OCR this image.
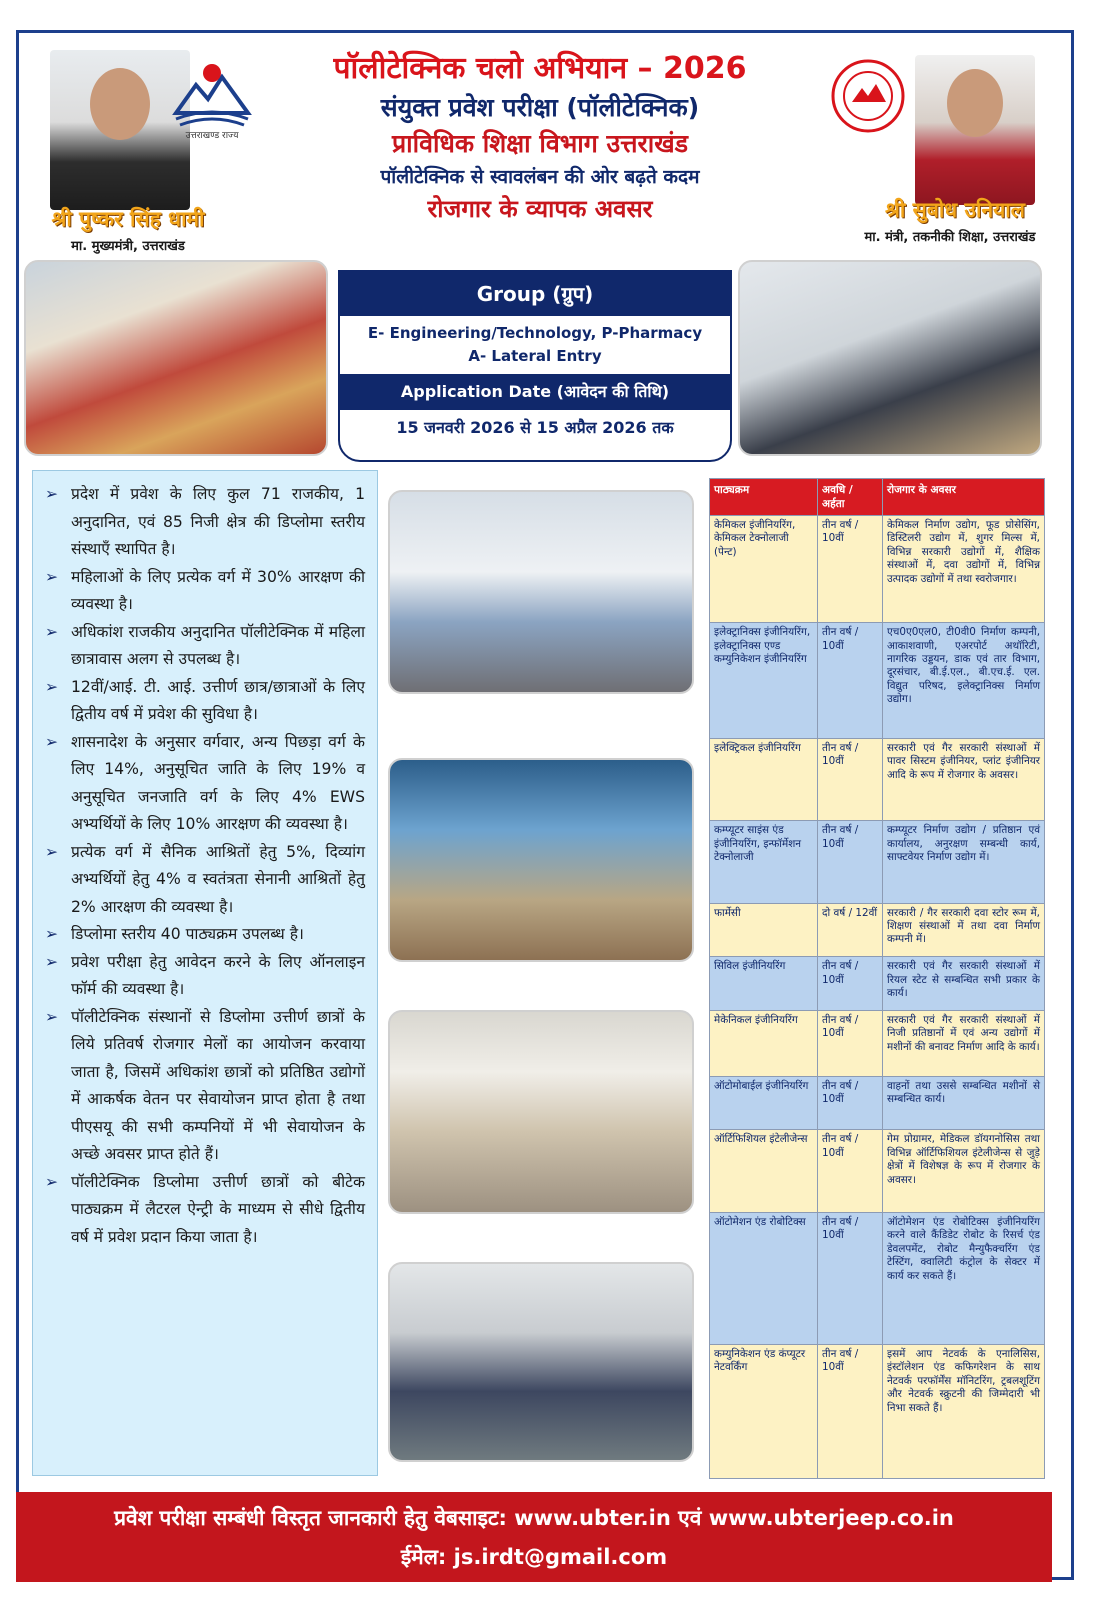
श्री पुष्कर सिंह धामी
मा. मुख्यमंत्री, उत्तराखंड
उत्तराखण्ड राज्य
श्री सुबोध उनियाल
मा. मंत्री, तकनीकी शिक्षा, उत्तराखंड
पॉलीटेक्निक चलो अभियान – 2026
संयुक्त प्रवेश परीक्षा (पॉलीटेक्निक)
प्राविधिक शिक्षा विभाग उत्तराखंड
पॉलीटेक्निक से स्वावलंबन की ओर बढ़ते कदम
रोजगार के व्यापक अवसर
Group (ग्रुप)
E- Engineering/Technology, P-Pharmacy
A- Lateral Entry
Application Date (आवेदन की तिथि)
15 जनवरी 2026 से 15 अप्रैल 2026 तक
➢ प्रदेश में प्रवेश के लिए कुल 71 राजकीय, 1 अनुदानित, एवं 85 निजी क्षेत्र की डिप्लोमा स्तरीय संस्थाएँ स्थापित है।
➢ महिलाओं के लिए प्रत्येक वर्ग में 30% आरक्षण की व्यवस्था है।
➢ अधिकांश राजकीय अनुदानित पॉलीटेक्निक में महिला छात्रावास अलग से उपलब्ध है।
➢ 12वीं/आई. टी. आई. उत्तीर्ण छात्र/छात्राओं के लिए द्वितीय वर्ष में प्रवेश की सुविधा है।
➢ शासनादेश के अनुसार वर्गवार, अन्य पिछड़ा वर्ग के लिए 14%, अनुसूचित जाति के लिए 19% व अनुसूचित जनजाति वर्ग के लिए 4% EWS अभ्यर्थियों के लिए 10% आरक्षण की व्यवस्था है।
➢ प्रत्येक वर्ग में सैनिक आश्रितों हेतु 5%, दिव्यांग अभ्यर्थियों हेतु 4% व स्वतंत्रता सेनानी आश्रितों हेतु 2% आरक्षण की व्यवस्था है।
➢ डिप्लोमा स्तरीय 40 पाठ्यक्रम उपलब्ध है।
➢ प्रवेश परीक्षा हेतु आवेदन करने के लिए ऑनलाइन फॉर्म की व्यवस्था है।
➢ पॉलीटेक्निक संस्थानों से डिप्लोमा उत्तीर्ण छात्रों के लिये प्रतिवर्ष रोजगार मेलों का आयोजन करवाया जाता है, जिसमें अधिकांश छात्रों को प्रतिष्ठित उद्योगों में आकर्षक वेतन पर सेवायोजन प्राप्त होता है तथा पीएसयू की सभी कम्पनियों में भी सेवायोजन के अच्छे अवसर प्राप्त होते हैं।
➢ पॉलीटेक्निक डिप्लोमा उत्तीर्ण छात्रों को बीटेक पाठ्यक्रम में लैटरल ऐन्ट्री के माध्यम से सीधे द्वितीय वर्ष में प्रवेश प्रदान किया जाता है।
पाठ्यक्रम	अवधि / अर्हता	रोजगार के अवसर
केमिकल इंजीनियरिंग, केमिकल टेक्नोलाजी (पेन्ट)	तीन वर्ष / 10वीं	केमिकल निर्माण उद्योग, फूड प्रोसेसिंग, डिस्टिलरी उद्योग में, शुगर मिल्स में, विभिन्न सरकारी उद्योगों में, शैक्षिक संस्थाओं में, दवा उद्योगों में, विभिन्न उत्पादक उद्योगों में तथा स्वरोजगार।
इलेक्ट्रानिक्स इंजीनियरिंग, इलेक्ट्रानिक्स एण्ड कम्युनिकेशन इंजीनियरिंग	तीन वर्ष / 10वीं	एच0ए0एल0, टी0वी0 निर्माण कम्पनी, आकाशवाणी, एअरपोर्ट अथॉरिटी, नागरिक उड्डयन, डाक एवं तार विभाग, दूरसंचार, बी.ई.एल., बी.एच.ई. एल. विद्युत परिषद, इलेक्ट्रानिक्स निर्माण उद्योग।
इलेक्ट्रिकल इंजीनियरिंग	तीन वर्ष / 10वीं	सरकारी एवं गैर सरकारी संस्थाओं में पावर सिस्टम इंजीनियर, प्लांट इंजीनियर आदि के रूप में रोजगार के अवसर।
कम्प्यूटर साइंस एंड इंजीनियरिंग, इन्फॉर्मेशन टेक्नोलाजी	तीन वर्ष / 10वीं	कम्प्यूटर निर्माण उद्योग / प्रतिष्ठान एवं कार्यालय, अनुरक्षण सम्बन्धी कार्य, साफ्टवेयर निर्माण उद्योग में।
फार्मेसी	दो वर्ष / 12वीं	सरकारी / गैर सरकारी दवा स्टोर रूम में, शिक्षण संस्थाओं में तथा दवा निर्माण कम्पनी में।
सिविल इंजीनियरिंग	तीन वर्ष / 10वीं	सरकारी एवं गैर सरकारी संस्थाओं में रियल स्टेट से सम्बन्धित सभी प्रकार के कार्य।
मेकेनिकल इंजीनियरिंग	तीन वर्ष / 10वीं	सरकारी एवं गैर सरकारी संस्थाओं में निजी प्रतिष्ठानों में एवं अन्य उद्योगों में मशीनों की बनावट निर्माण आदि के कार्य।
ऑटोमोबाईल इंजीनियरिंग	तीन वर्ष / 10वीं	वाहनों तथा उससे सम्बन्धित मशीनों से सम्बन्धित कार्य।
ऑर्टिफिशियल इंटेलीजेन्स	तीन वर्ष / 10वीं	गेम प्रोग्रामर, मेडिकल डॉयगनोसिस तथा विभिन्न ऑर्टिफिशियल इंटेलीजेन्स से जुड़े क्षेत्रों में विशेषज्ञ के रूप में रोजगार के अवसर।
ऑटोमेशन एंड रोबोटिक्स	तीन वर्ष / 10वीं	ऑटोमेशन एंड रोबोटिक्स इंजीनियरिंग करने वाले कैंडिडेट रोबोट के रिसर्च एंड डेवलपमेंट, रोबोट मैन्युफैक्चरिंग एंड टेस्टिंग, क्वालिटी कंट्रोल के सेक्टर में कार्य कर सकते हैं।
कम्युनिकेशन एंड कंप्यूटर नेटवर्किंग	तीन वर्ष / 10वीं	इसमें आप नेटवर्क के एनालिसिस, इंस्टॉलेशन एंड कफिगरेशन के साथ नेटवर्क परफॉर्मेंस मॉनिटरिंग, ट्रबलशूटिंग और नेटवर्क स्क्रुटनी की जिम्मेदारी भी निभा सकते हैं।
प्रवेश परीक्षा सम्बंधी विस्तृत जानकारी हेतु वेबसाइट: www.ubter.in एवं www.ubterjeep.co.in
ईमेल: js.irdt@gmail.com
